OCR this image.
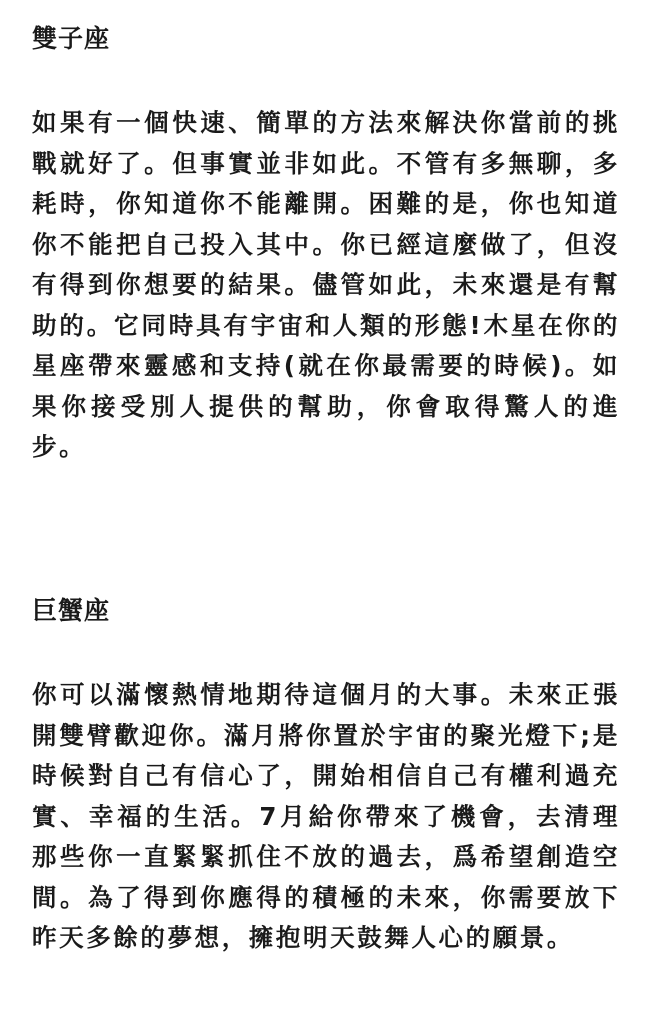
雙子座

如果有一個快速、簡單的方法來解決你當前的挑戰就好了。但事實並非如此。不管有多無聊，多耗時，你知道你不能離開。困難的是，你也知道你不能把自己投入其中。你已經這麼做了，但沒有得到你想要的結果。儘管如此，未來還是有幫助的。它同時具有宇宙和人類的形態!木星在你的星座帶來靈感和支持(就在你最需要的時候)。如果你接受別人提供的幫助，你會取得驚人的進步。

巨蟹座

你可以滿懷熱情地期待這個月的大事。未來正張開雙臂歡迎你。滿月將你置於宇宙的聚光燈下;是時候對自己有信心了，開始相信自己有權利過充實、幸福的生活。7月給你帶來了機會，去清理那些你一直緊緊抓住不放的過去，爲希望創造空間。為了得到你應得的積極的未來，你需要放下昨天多餘的夢想，擁抱明天鼓舞人心的願景。
